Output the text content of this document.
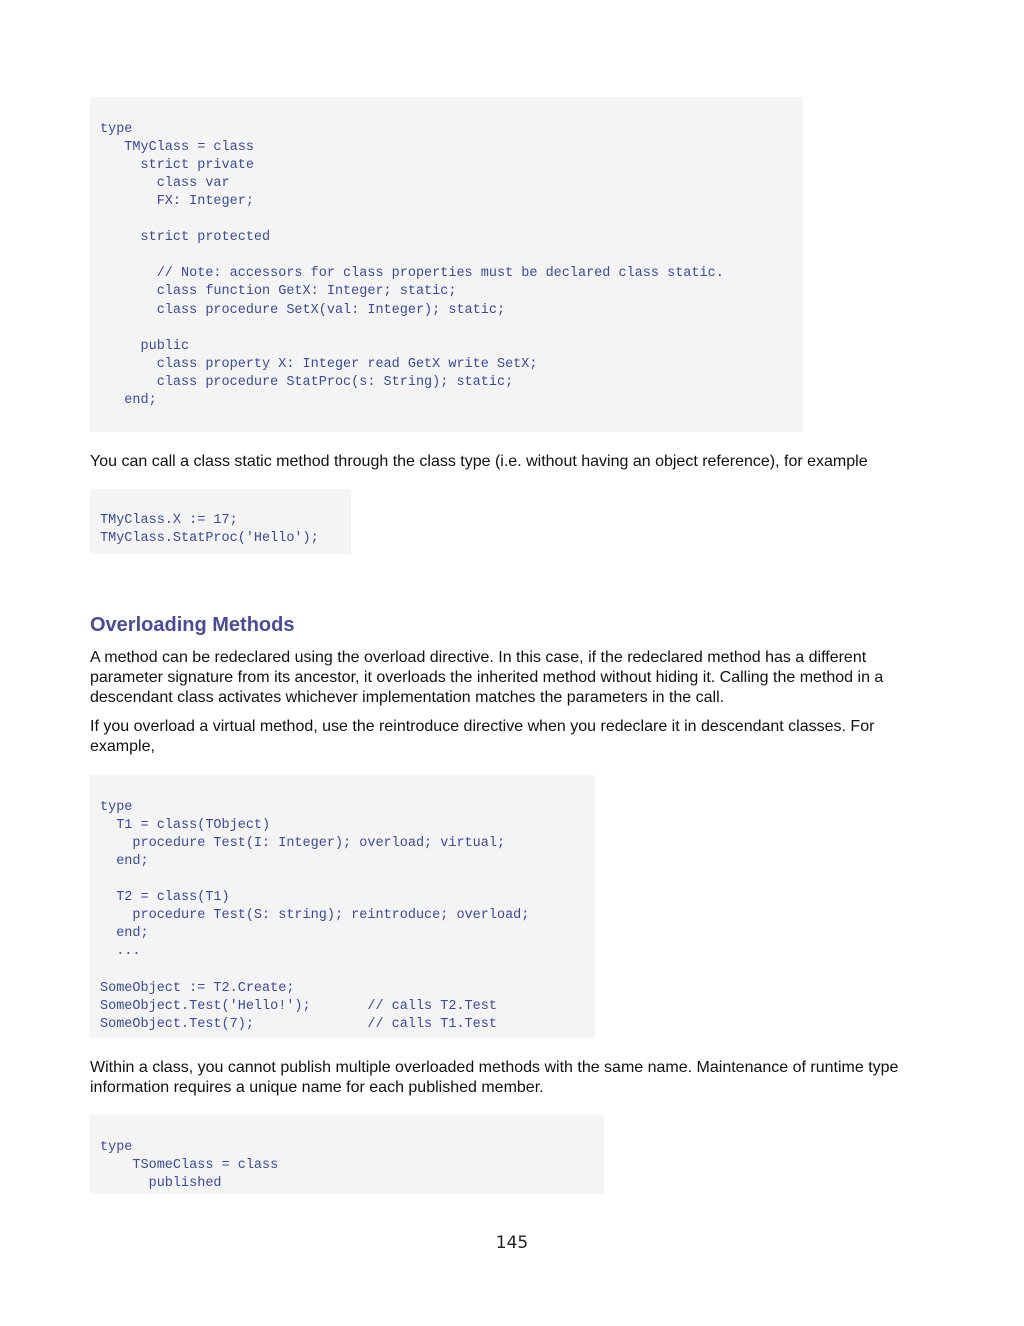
type
TMyClass = class
strict private
class var
FX: Integer;
strict protected
// Note: accessors for class properties must be declared class static.
class function GetX: Integer; static;
class procedure SetX(val: Integer); static;
public
class property X: Integer read GetX write SetX;
class procedure StatProc(s: String); static;
end;

You can call a class static method through the class type (i.e. without having an object reference), for example

TMyClass.X := 17;
TMyClass.StatProc('Hello');
Overloading Methods

A method can be redeclared using the overload directive. In this case, if the redeclared method has a different parameter signature from its ancestor, it overloads the inherited method without hiding it. Calling the method in a descendant class activates whichever implementation matches the parameters in the call.

If you overload a virtual method, use the reintroduce directive when you redeclare it in descendant classes. For example,

type
T1 = class(TObject)
procedure Test(I: Integer); overload; virtual;
end;
T2 = class(T1)
procedure Test(S: string); reintroduce; overload;
end;
...
SomeObject := T2.Create;
SomeObject.Test('Hello!');       // calls T2.Test
SomeObject.Test(7);              // calls T1.Test

Within a class, you cannot publish multiple overloaded methods with the same name. Maintenance of runtime type information requires a unique name for each published member.

type
TSomeClass = class
published
145
